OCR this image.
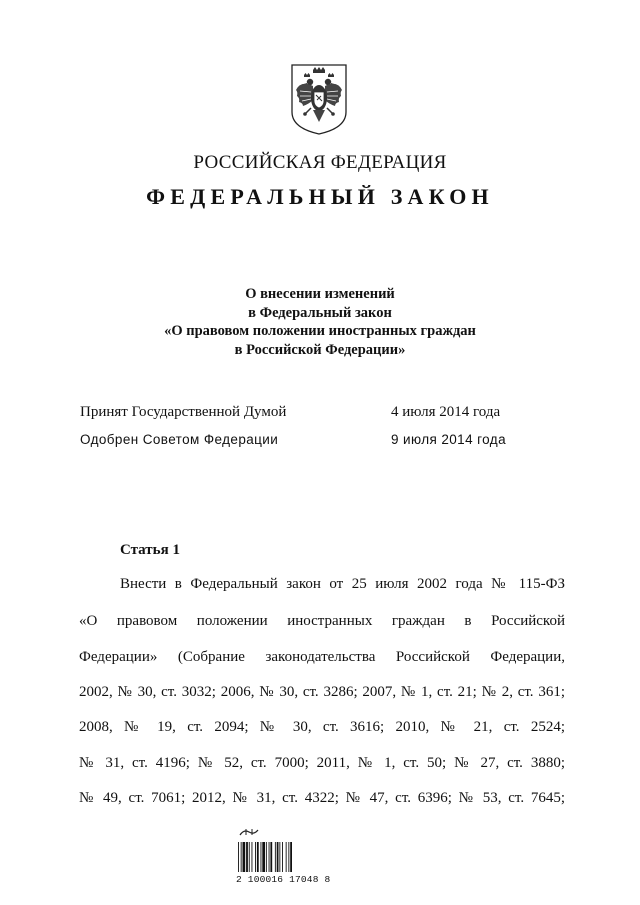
РОССИЙСКАЯ ФЕДЕРАЦИЯ
ФЕДЕРАЛЬНЫЙ ЗАКОН
О внесении изменений
в Федеральный закон
«О правовом положении иностранных граждан
в Российской Федерации»
Принят Государственной Думой	4 июля 2014 года
Одобрен Советом Федерации	9 июля 2014 года
Статья 1
Внести в Федеральный закон от 25 июля 2002 года № 115-ФЗ
«О правовом положении иностранных граждан в Российской
Федерации» (Собрание законодательства Российской Федерации,
2002, № 30, ст. 3032; 2006, № 30, ст. 3286; 2007, № 1, ст. 21; № 2, ст. 361;
2008, № 19, ст. 2094; № 30, ст. 3616; 2010, № 21, ст. 2524;
№ 31, ст. 4196; № 52, ст. 7000; 2011, № 1, ст. 50; № 27, ст. 3880;
№ 49, ст. 7061; 2012, № 31, ст. 4322; № 47, ст. 6396; № 53, ст. 7645;
2 100016 17048 8
